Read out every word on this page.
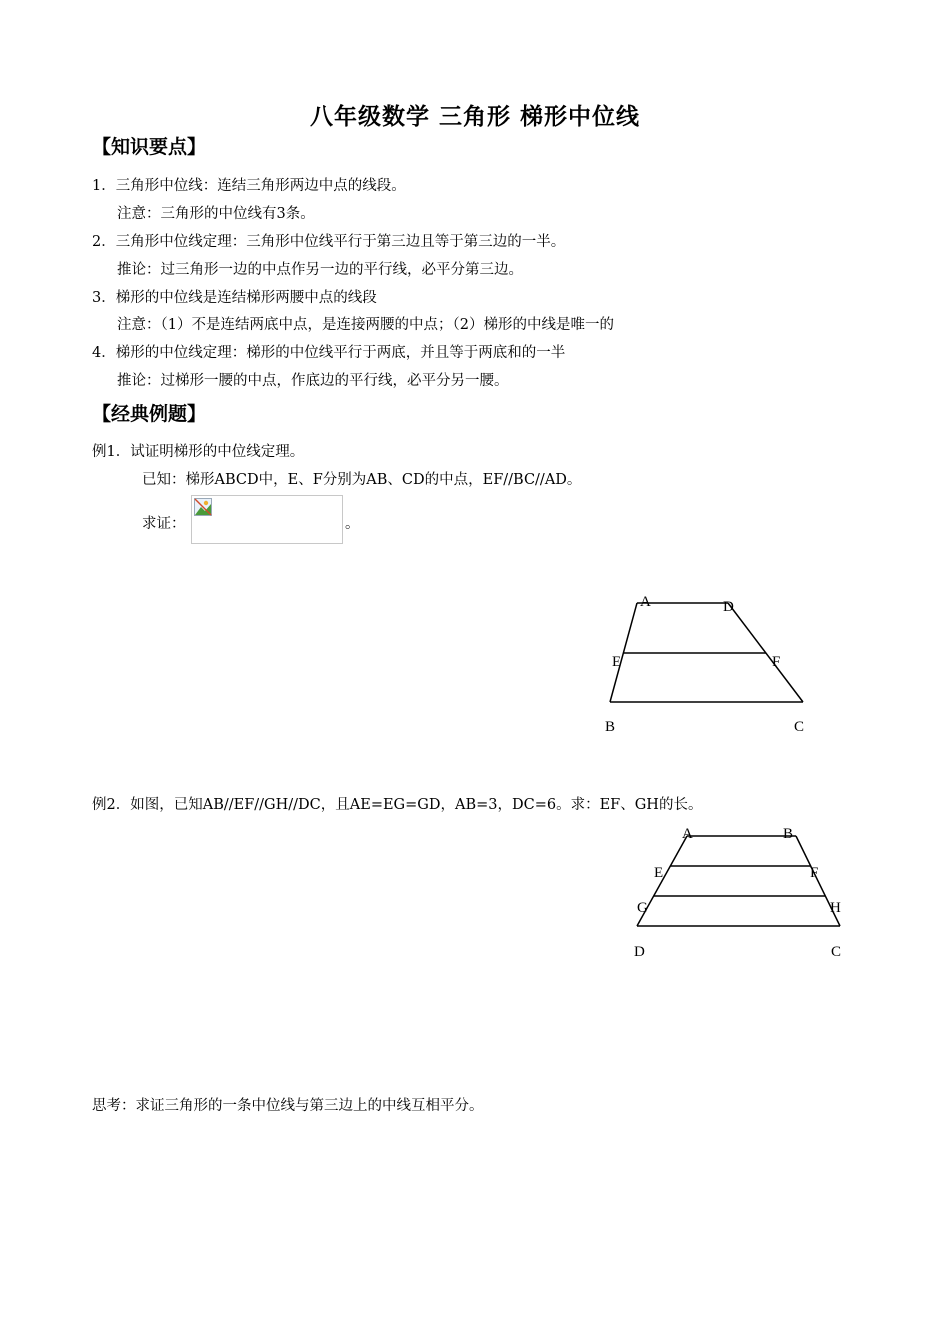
八年级数学 三角形 梯形中位线
【知识要点】
1．三角形中位线：连结三角形两边中点的线段。
注意：三角形的中位线有3条。
2．三角形中位线定理：三角形中位线平行于第三边且等于第三边的一半。
推论：过三角形一边的中点作另一边的平行线，必平分第三边。
3．梯形的中位线是连结梯形两腰中点的线段
注意：（1）不是连结两底中点，是连接两腰的中点；（2）梯形的中线是唯一的
4．梯形的中位线定理：梯形的中位线平行于两底，并且等于两底和的一半
推论：过梯形一腰的中点，作底边的平行线，必平分另一腰。
【经典例题】
例1．试证明梯形的中位线定理。
已知：梯形ABCD中，E、F分别为AB、CD的中点，EF//BC//AD。
求证：	。
A	D
E	F
B	C
例2．如图，已知AB//EF//GH//DC，且AE=EG=GD，AB=3，DC=6。求：EF、GH的长。
A	B
E	F
G	H
D	C
思考：求证三角形的一条中位线与第三边上的中线互相平分。
